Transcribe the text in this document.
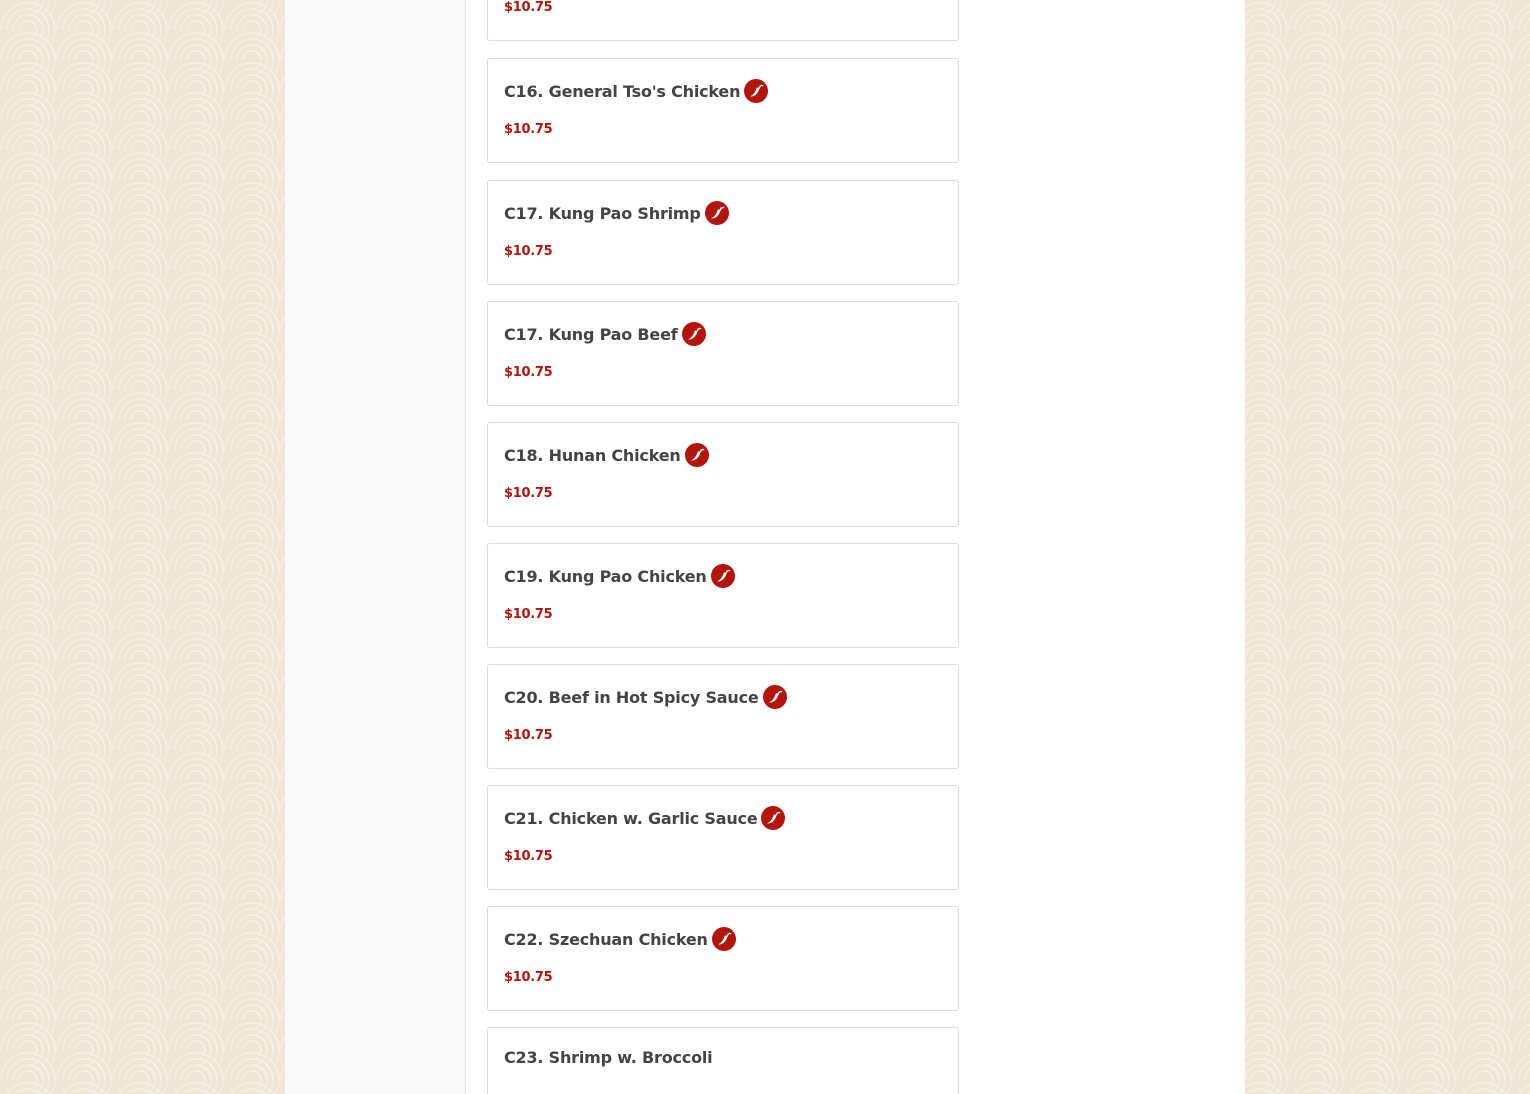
$10.75
C16. General Tso's Chicken
$10.75
C17. Kung Pao Shrimp
$10.75
C17. Kung Pao Beef
$10.75
C18. Hunan Chicken
$10.75
C19. Kung Pao Chicken
$10.75
C20. Beef in Hot Spicy Sauce
$10.75
C21. Chicken w. Garlic Sauce
$10.75
C22. Szechuan Chicken
$10.75
C23. Shrimp w. Broccoli
